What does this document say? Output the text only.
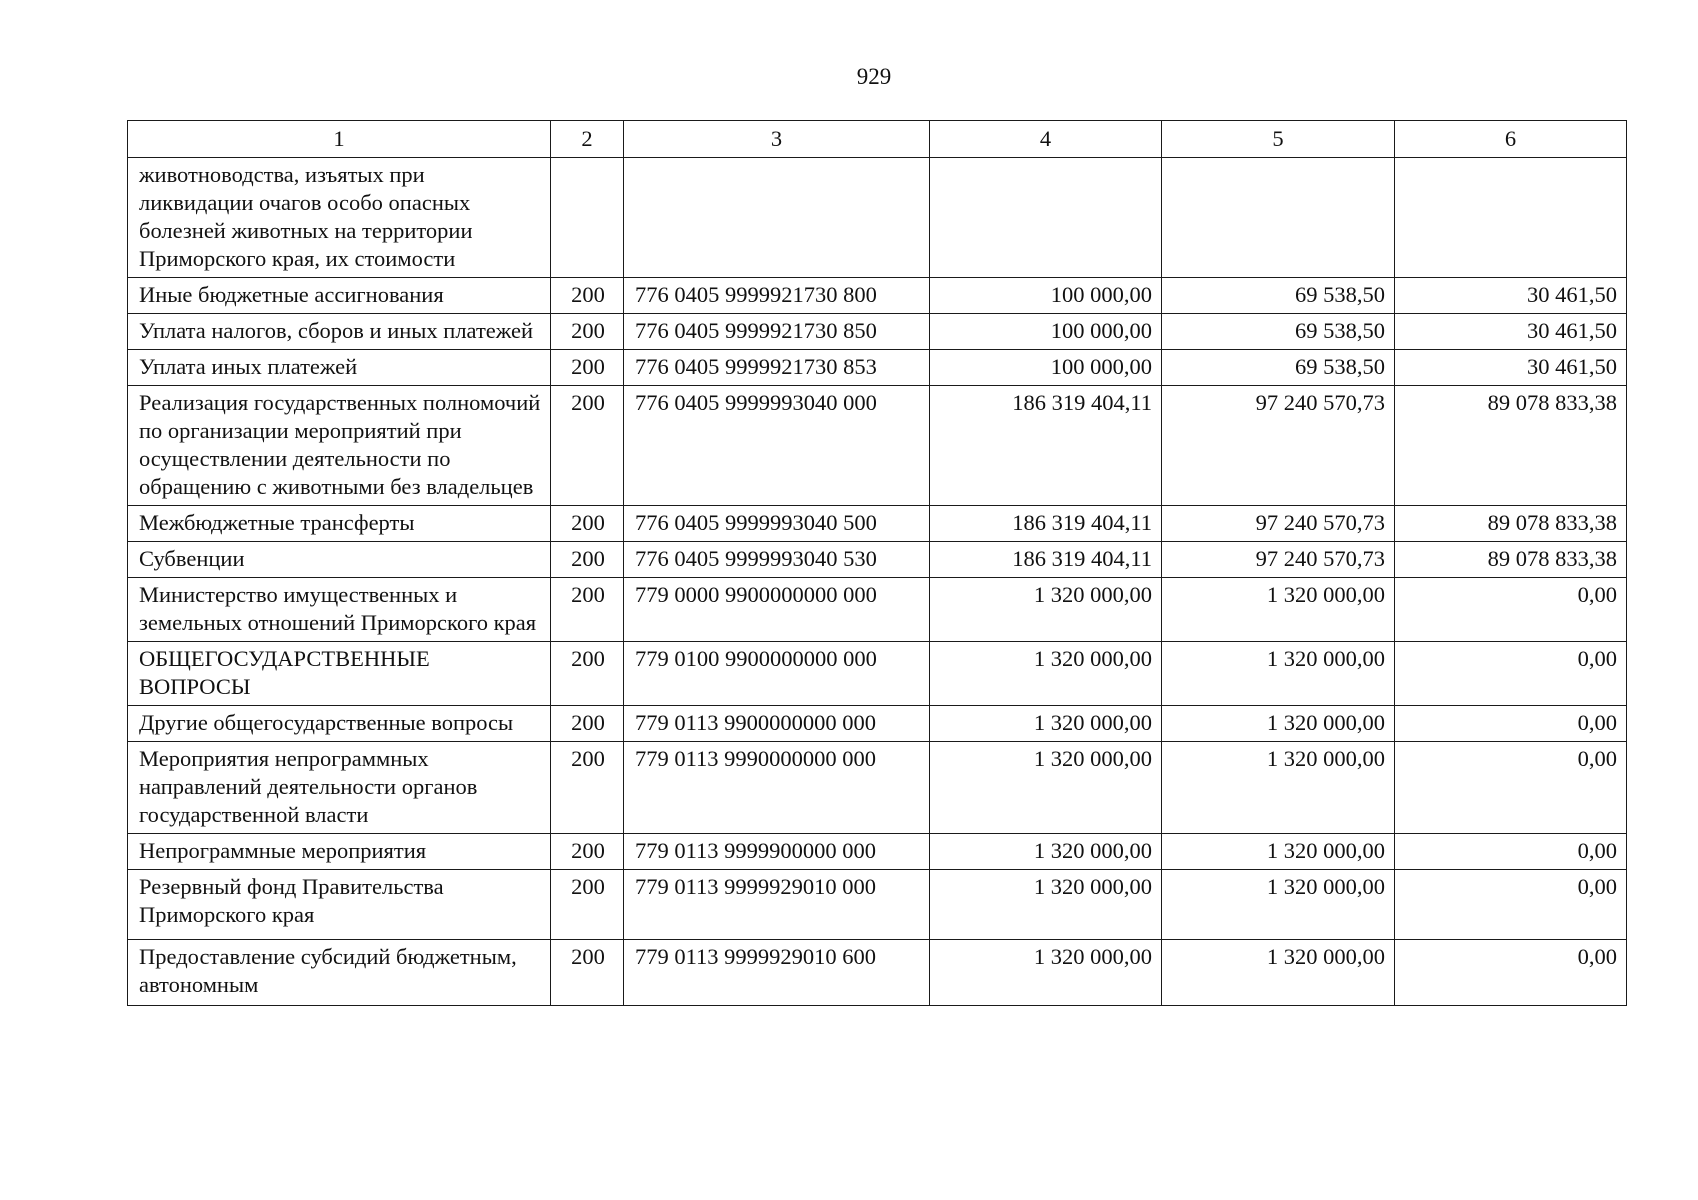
929
1	2	3	4	5	6
животноводства, изъятых при ликвидации очагов особо опасных болезней животных на территории Приморского края, их стоимости					
Иные бюджетные ассигнования	200	776 0405 9999921730 800	100 000,00	69 538,50	30 461,50
Уплата налогов, сборов и иных платежей	200	776 0405 9999921730 850	100 000,00	69 538,50	30 461,50
Уплата иных платежей	200	776 0405 9999921730 853	100 000,00	69 538,50	30 461,50
Реализация государственных полномочий по организации мероприятий при осуществлении деятельности по обращению с животными без владельцев	200	776 0405 9999993040 000	186 319 404,11	97 240 570,73	89 078 833,38
Межбюджетные трансферты	200	776 0405 9999993040 500	186 319 404,11	97 240 570,73	89 078 833,38
Субвенции	200	776 0405 9999993040 530	186 319 404,11	97 240 570,73	89 078 833,38
Министерство имущественных и земельных отношений Приморского края	200	779 0000 9900000000 000	1 320 000,00	1 320 000,00	0,00
ОБЩЕГОСУДАРСТВЕННЫЕ ВОПРОСЫ	200	779 0100 9900000000 000	1 320 000,00	1 320 000,00	0,00
Другие общегосударственные вопросы	200	779 0113 9900000000 000	1 320 000,00	1 320 000,00	0,00
Мероприятия непрограммных направлений деятельности органов государственной власти	200	779 0113 9990000000 000	1 320 000,00	1 320 000,00	0,00
Непрограммные мероприятия	200	779 0113 9999900000 000	1 320 000,00	1 320 000,00	0,00
Резервный фонд Правительства Приморского края	200	779 0113 9999929010 000	1 320 000,00	1 320 000,00	0,00
Предоставление субсидий бюджетным, автономным	200	779 0113 9999929010 600	1 320 000,00	1 320 000,00	0,00
